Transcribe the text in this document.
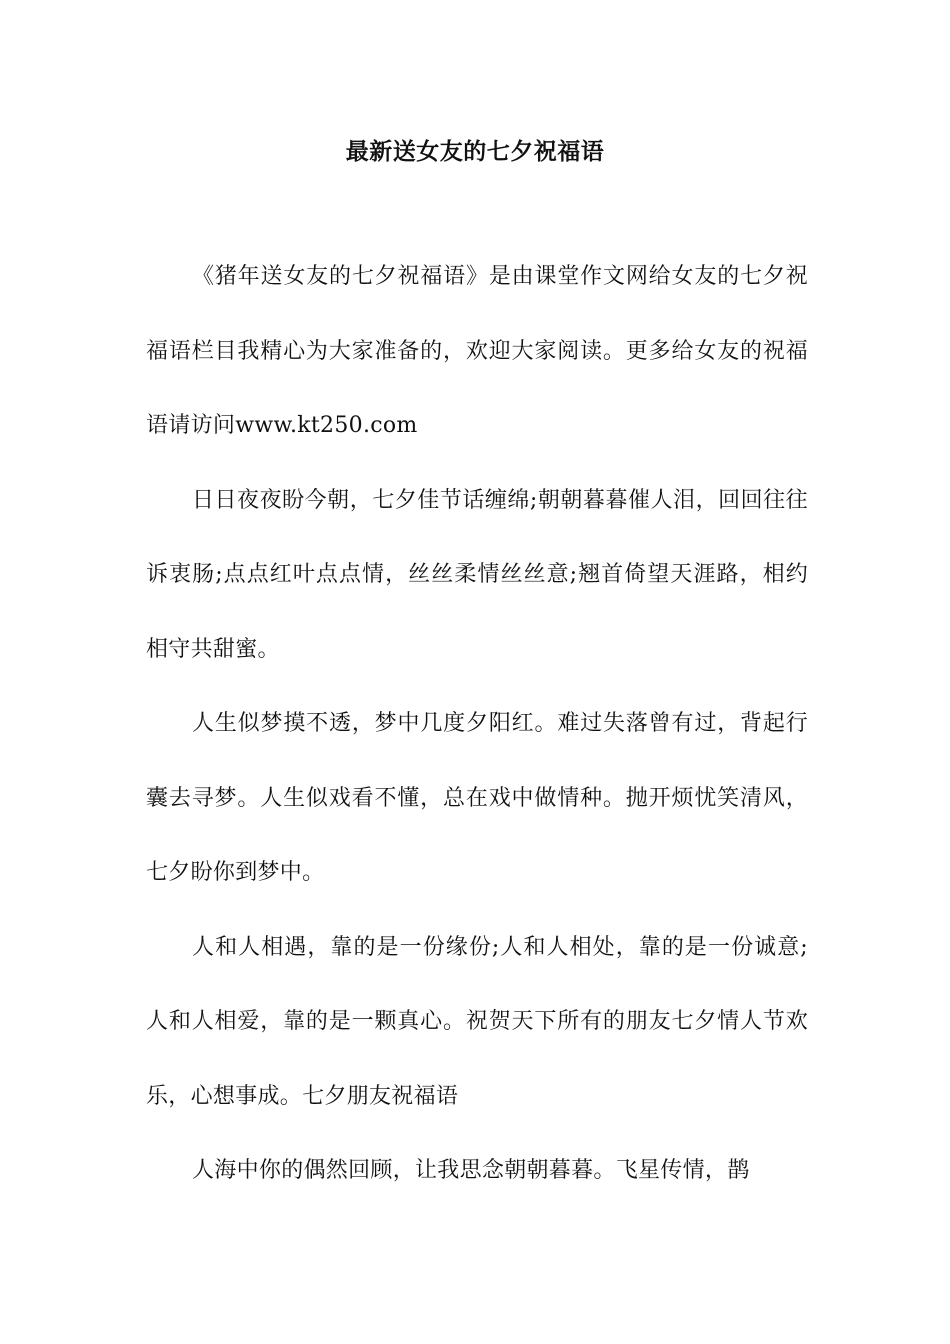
最新送女友的七夕祝福语

《猪年送女友的七夕祝福语》是由课堂作文网给女友的七夕祝福语栏目我精心为大家准备的，欢迎大家阅读。更多给女友的祝福语请访问www.kt250.com

日日夜夜盼今朝，七夕佳节话缠绵;朝朝暮暮催人泪，回回往往诉衷肠;点点红叶点点情，丝丝柔情丝丝意;翘首倚望天涯路，相约相守共甜蜜。

人生似梦摸不透，梦中几度夕阳红。难过失落曾有过，背起行囊去寻梦。人生似戏看不懂，总在戏中做情种。抛开烦忧笑清风，七夕盼你到梦中。

人和人相遇，靠的是一份缘份;人和人相处，靠的是一份诚意;人和人相爱，靠的是一颗真心。祝贺天下所有的朋友七夕情人节欢乐，心想事成。七夕朋友祝福语

人海中你的偶然回顾，让我思念朝朝暮暮。飞星传情，鹊
